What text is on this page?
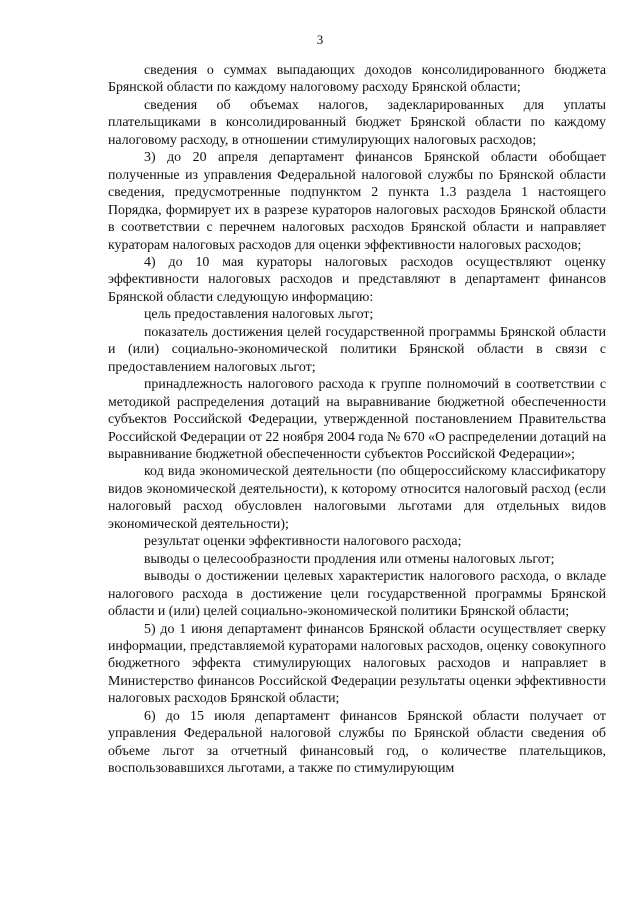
3

сведения о суммах выпадающих доходов консолидированного бюджета Брянской области по каждому налоговому расходу Брянской области;

сведения об объемах налогов, задекларированных для уплаты плательщиками в консолидированный бюджет Брянской области по каждому налоговому расходу, в отношении стимулирующих налоговых расходов;

3) до 20 апреля департамент финансов Брянской области обобщает полученные из управления Федеральной налоговой службы по Брянской области сведения, предусмотренные подпунктом 2 пункта 1.3 раздела 1 настоящего Порядка, формирует их в разрезе кураторов налоговых расходов Брянской области в соответствии с перечнем налоговых расходов Брянской области и направляет кураторам налоговых расходов для оценки эффективности налоговых расходов;

4) до 10 мая кураторы налоговых расходов осуществляют оценку эффективности налоговых расходов и представляют в департамент финансов Брянской области следующую информацию:

цель предоставления налоговых льгот;

показатель достижения целей государственной программы Брянской области и (или) социально-экономической политики Брянской области в связи с предоставлением налоговых льгот;

принадлежность налогового расхода к группе полномочий в соответствии с методикой распределения дотаций на выравнивание бюджетной обеспеченности субъектов Российской Федерации, утвержденной постановлением Правительства Российской Федерации от 22 ноября 2004 года № 670 «О распределении дотаций на выравнивание бюджетной обеспеченности субъектов Российской Федерации»;

код вида экономической деятельности (по общероссийскому классификатору видов экономической деятельности), к которому относится налоговый расход (если налоговый расход обусловлен налоговыми льготами для отдельных видов экономической деятельности);

результат оценки эффективности налогового расхода;

выводы о целесообразности продления или отмены налоговых льгот;

выводы о достижении целевых характеристик налогового расхода, о вкладе налогового расхода в достижение цели государственной программы Брянской области и (или) целей социально-экономической политики Брянской области;

5) до 1 июня департамент финансов Брянской области осуществляет сверку информации, представляемой кураторами налоговых расходов, оценку совокупного бюджетного эффекта стимулирующих налоговых расходов и направляет в Министерство финансов Российской Федерации результаты оценки эффективности налоговых расходов Брянской области;

6) до 15 июля департамент финансов Брянской области получает от управления Федеральной налоговой службы по Брянской области сведения об объеме льгот за отчетный финансовый год, о количестве плательщиков, воспользовавшихся льготами, а также по стимулирующим
